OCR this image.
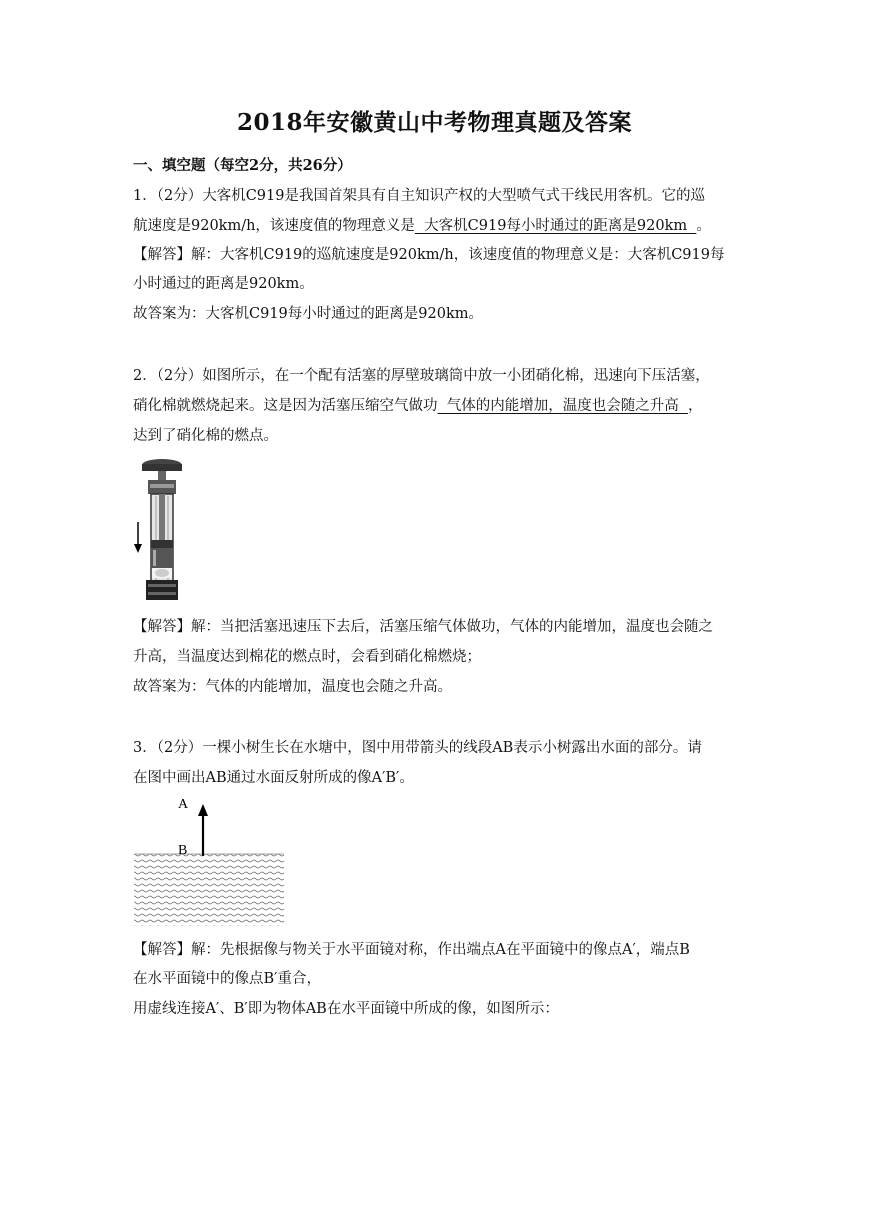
2018年安徽黄山中考物理真题及答案
一、填空题（每空2分，共26分）
1．（2分）大客机C919是我国首架具有自主知识产权的大型喷气式干线民用客机。它的巡
航速度是920km/h，该速度值的物理意义是  大客机C919每小时通过的距离是920km  。
【解答】解：大客机C919的巡航速度是920km/h，该速度值的物理意义是：大客机C919每
小时通过的距离是920km。
故答案为：大客机C919每小时通过的距离是920km。
2．（2分）如图所示，在一个配有活塞的厚壁玻璃筒中放一小团硝化棉，迅速向下压活塞，
硝化棉就燃烧起来。这是因为活塞压缩空气做功  气体的内能增加，温度也会随之升高  ，
达到了硝化棉的燃点。
【解答】解：当把活塞迅速压下去后，活塞压缩气体做功，气体的内能增加，温度也会随之
升高，当温度达到棉花的燃点时，会看到硝化棉燃烧；
故答案为：气体的内能增加，温度也会随之升高。
3．（2分）一棵小树生长在水塘中，图中用带箭头的线段AB表示小树露出水面的部分。请
在图中画出AB通过水面反射所成的像A′B′。
A
B
【解答】解：先根据像与物关于水平面镜对称，作出端点A在平面镜中的像点A′，端点B
在水平面镜中的像点B′重合，
用虚线连接A′、B′即为物体AB在水平面镜中所成的像，如图所示：
